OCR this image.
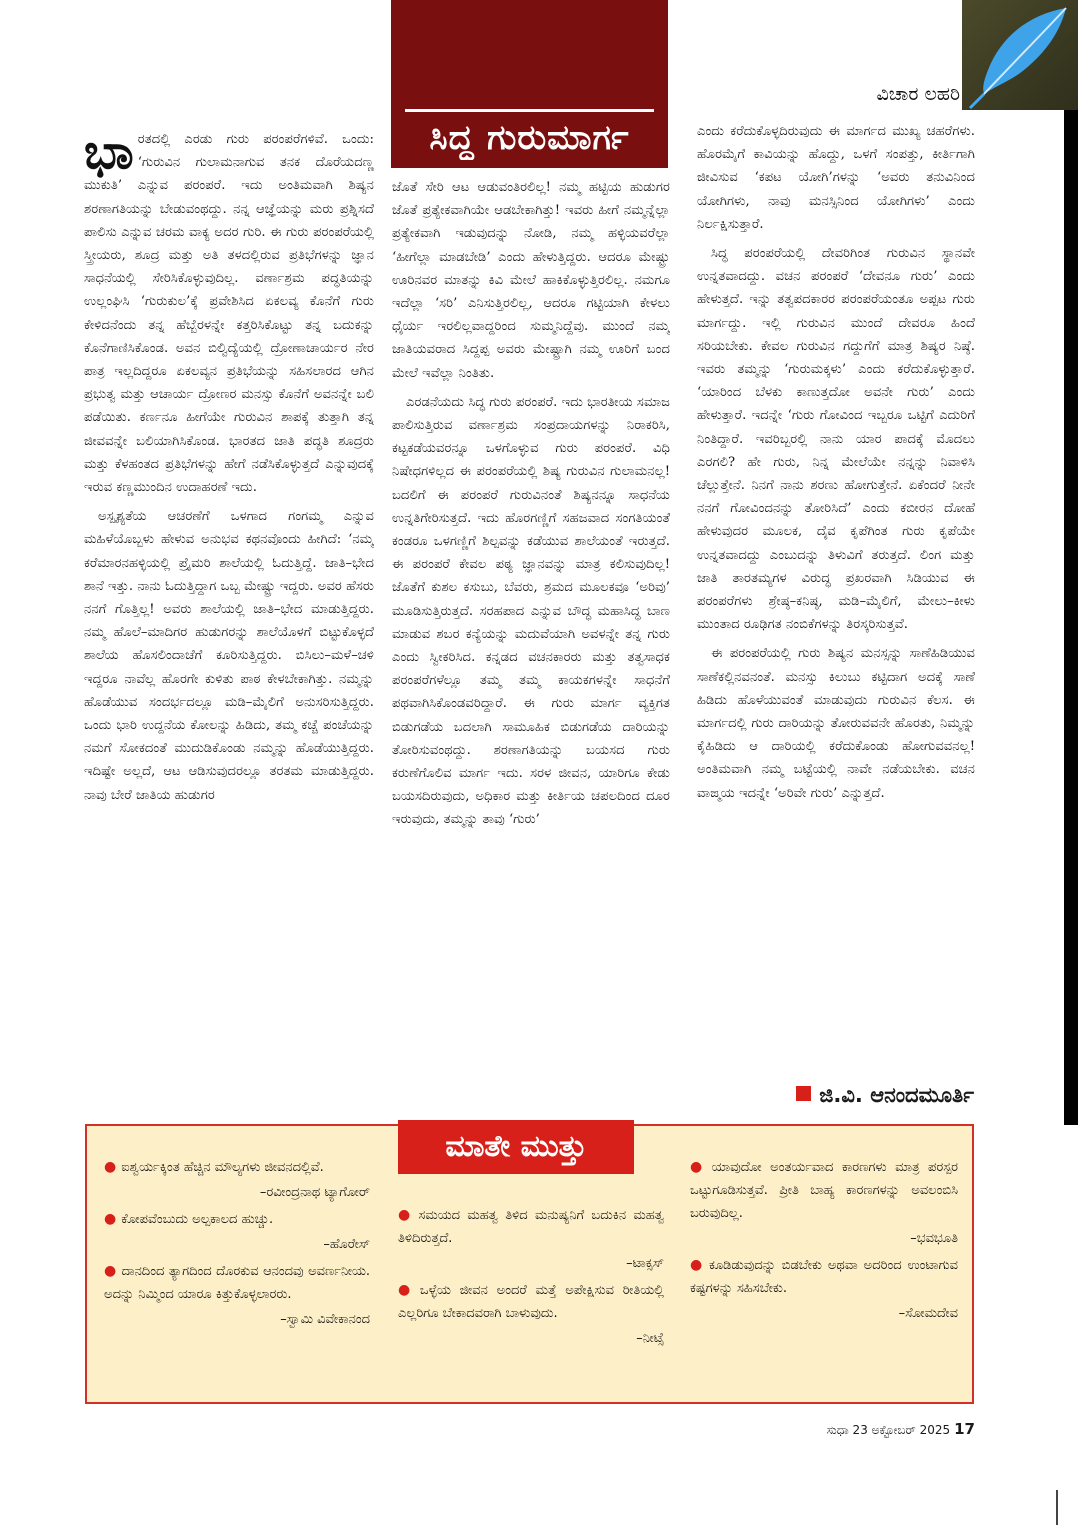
ಸಿದ್ಧ ಗುರುಮಾರ್ಗ
ವಿಚಾರ ಲಹರಿ

ಭಾರತದಲ್ಲಿ ಎರಡು ಗುರು ಪರಂಪರೆಗಳಿವೆ. ಒಂದು: ‘ಗುರುವಿನ ಗುಲಾಮನಾಗುವ ತನಕ ದೊರೆಯದಣ್ಣ ಮುಕುತಿ’ ಎನ್ನುವ ಪರಂಪರೆ. ಇದು ಅಂತಿಮವಾಗಿ ಶಿಷ್ಯನ ಶರಣಾಗತಿಯನ್ನು ಬೇಡುವಂಥದ್ದು. ನನ್ನ ಆಜ್ಞೆಯನ್ನು ಮರು ಪ್ರಶ್ನಿಸದೆ ಪಾಲಿಸು ಎನ್ನುವ ಚರಮ ವಾಕ್ಯ ಅದರ ಗುರಿ. ಈ ಗುರು ಪರಂಪರೆಯಲ್ಲಿ ಸ್ತ್ರೀಯರು, ಶೂದ್ರ ಮತ್ತು ಅತಿ ತಳದಲ್ಲಿರುವ ಪ್ರತಿಭೆಗಳನ್ನು ಜ್ಞಾನ ಸಾಧನೆಯಲ್ಲಿ ಸೇರಿಸಿಕೊಳ್ಳುವುದಿಲ್ಲ. ವರ್ಣಾಶ್ರಮ ಪದ್ಧತಿಯನ್ನು ಉಲ್ಲಂಘಿಸಿ ‘ಗುರುಕುಲ’ಕ್ಕೆ ಪ್ರವೇಶಿಸಿದ ಏಕಲವ್ಯ ಕೊನೆಗೆ ಗುರು ಕೇಳಿದನೆಂದು ತನ್ನ ಹೆಬ್ಬೆರಳನ್ನೇ ಕತ್ತರಿಸಿಕೊಟ್ಟು ತನ್ನ ಬದುಕನ್ನು ಕೊನೆಗಾಣಿಸಿಕೊಂಡ. ಅವನ ಬಿಲ್ವಿದ್ಯೆಯಲ್ಲಿ ದ್ರೋಣಾಚಾರ್ಯರ ನೇರ ಪಾತ್ರ ಇಲ್ಲದಿದ್ದರೂ ಏಕಲವ್ಯನ ಪ್ರತಿಭೆಯನ್ನು ಸಹಿಸಲಾರದ ಆಗಿನ ಪ್ರಭುತ್ವ ಮತ್ತು ಆಚಾರ್ಯ ದ್ರೋಣರ ಮನಸ್ಸು ಕೊನೆಗೆ ಅವನನ್ನೇ ಬಲಿ ಪಡೆಯಿತು. ಕರ್ಣನೂ ಹೀಗೆಯೇ ಗುರುವಿನ ಶಾಪಕ್ಕೆ ತುತ್ತಾಗಿ ತನ್ನ ಜೀವವನ್ನೇ ಬಲಿಯಾಗಿಸಿಕೊಂಡ. ಭಾರತದ ಜಾತಿ ಪದ್ಧತಿ ಶೂದ್ರರು ಮತ್ತು ಕೆಳಹಂತದ ಪ್ರತಿಭೆಗಳನ್ನು ಹೇಗೆ ನಡೆಸಿಕೊಳ್ಳುತ್ತದೆ ಎನ್ನುವುದಕ್ಕೆ ಇರುವ ಕಣ್ಣಮುಂದಿನ ಉದಾಹರಣೆ ಇದು.

ಅಸ್ಪೃಶ್ಯತೆಯ ಆಚರಣೆಗೆ ಒಳಗಾದ ಗಂಗಮ್ಮ ಎನ್ನುವ ಮಹಿಳೆಯೊಬ್ಬಳು ಹೇಳುವ ಅನುಭವ ಕಥನವೊಂದು ಹೀಗಿದೆ: ‘ನಮ್ಮ ಕರೆಮಾರನಹಳ್ಳಿಯಲ್ಲಿ ಪ್ರೈಮರಿ ಶಾಲೆಯಲ್ಲಿ ಓದುತ್ತಿದ್ದೆ. ಜಾತಿ–ಭೇದ ಶಾನೆ ಇತ್ತು. ನಾನು ಓದುತ್ತಿದ್ದಾಗ ಒಬ್ಬ ಮೇಷ್ಟ್ರು ಇದ್ದರು. ಅವರ ಹೆಸರು ನನಗೆ ಗೊತ್ತಿಲ್ಲ! ಅವರು ಶಾಲೆಯಲ್ಲಿ ಜಾತಿ–ಭೇದ ಮಾಡುತ್ತಿದ್ದರು. ನಮ್ಮ ಹೊಲೆ–ಮಾದಿಗರ ಹುಡುಗರನ್ನು ಶಾಲೆಯೊಳಗೆ ಬಿಟ್ಟುಕೊಳ್ಳದೆ ಶಾಲೆಯ ಹೊಸಲಿಂದಾಚೆಗೆ ಕೂರಿಸುತ್ತಿದ್ದರು. ಬಿಸಿಲು–ಮಳೆ–ಚಳಿ ಇದ್ದರೂ ನಾವೆಲ್ಲ ಹೊರಗೇ ಕುಳಿತು ಪಾಠ ಕೇಳಬೇಕಾಗಿತ್ತು. ನಮ್ಮನ್ನು ಹೊಡೆಯುವ ಸಂದರ್ಭದಲ್ಲೂ ಮಡಿ–ಮೈಲಿಗೆ ಅನುಸರಿಸುತ್ತಿದ್ದರು. ಒಂದು ಭಾರಿ ಉದ್ದನೆಯ ಕೋಲನ್ನು ಹಿಡಿದು, ತಮ್ಮ ಕಚ್ಚೆ ಪಂಚೆಯನ್ನು ನಮಗೆ ಸೋಕದಂತೆ ಮುದುಡಿಕೊಂಡು ನಮ್ಮನ್ನು ಹೊಡೆಯುತ್ತಿದ್ದರು. ಇದಿಷ್ಟೇ ಅಲ್ಲದೆ, ಆಟ ಆಡಿಸುವುದರಲ್ಲೂ ತರತಮ ಮಾಡುತ್ತಿದ್ದರು. ನಾವು ಬೇರೆ ಜಾತಿಯ ಹುಡುಗರ

ಜೊತೆ ಸೇರಿ ಆಟ ಆಡುವಂತಿರಲಿಲ್ಲ! ನಮ್ಮ ಹಟ್ಟಿಯ ಹುಡುಗರ ಜೊತೆ ಪ್ರತ್ಯೇಕವಾಗಿಯೇ ಆಡಬೇಕಾಗಿತ್ತು! ಇವರು ಹೀಗೆ ನಮ್ಮನ್ನೆಲ್ಲಾ ಪ್ರತ್ಯೇಕವಾಗಿ ಇಡುವುದನ್ನು ನೋಡಿ, ನಮ್ಮ ಹಳ್ಳಿಯವರೆಲ್ಲಾ ‘ಹೀಗೆಲ್ಲಾ ಮಾಡಬೇಡಿ’ ಎಂದು ಹೇಳುತ್ತಿದ್ದರು. ಆದರೂ ಮೇಷ್ಟ್ರು ಊರಿನವರ ಮಾತನ್ನು ಕಿವಿ ಮೇಲೆ ಹಾಕಿಕೊಳ್ಳುತ್ತಿರಲಿಲ್ಲ. ನಮಗೂ ಇದೆಲ್ಲಾ ‘ಸರಿ’ ಎನಿಸುತ್ತಿರಲಿಲ್ಲ, ಆದರೂ ಗಟ್ಟಿಯಾಗಿ ಕೇಳಲು ಧೈರ್ಯ ಇರಲಿಲ್ಲವಾದ್ದರಿಂದ ಸುಮ್ಮನಿದ್ದೆವು. ಮುಂದೆ ನಮ್ಮ ಜಾತಿಯವರಾದ ಸಿದ್ದಪ್ಪ ಅವರು ಮೇಷ್ಟ್ರಾಗಿ ನಮ್ಮ ಊರಿಗೆ ಬಂದ ಮೇಲೆ ಇವೆಲ್ಲಾ ನಿಂತಿತು.

ಎರಡನೆಯದು ಸಿದ್ಧ ಗುರು ಪರಂಪರೆ. ಇದು ಭಾರತೀಯ ಸಮಾಜ ಪಾಲಿಸುತ್ತಿರುವ ವರ್ಣಾಶ್ರಮ ಸಂಪ್ರದಾಯಗಳನ್ನು ನಿರಾಕರಿಸಿ, ಕಟ್ಟಕಡೆಯವರನ್ನೂ ಒಳಗೊಳ್ಳುವ ಗುರು ಪರಂಪರೆ. ವಿಧಿ ನಿಷೇಧಗಳಿಲ್ಲದ ಈ ಪರಂಪರೆಯಲ್ಲಿ ಶಿಷ್ಯ ಗುರುವಿನ ಗುಲಾಮನಲ್ಲ! ಬದಲಿಗೆ ಈ ಪರಂಪರೆ ಗುರುವಿನಂತೆ ಶಿಷ್ಯನನ್ನೂ ಸಾಧನೆಯ ಉನ್ನತಿಗೇರಿಸುತ್ತದೆ. ಇದು ಹೊರಗಣ್ಣಿಗೆ ಸಹಜವಾದ ಸಂಗತಿಯಂತೆ ಕಂಡರೂ ಒಳಗಣ್ಣಿಗೆ ಶಿಲ್ಪವನ್ನು ಕಡೆಯುವ ಶಾಲೆಯಂತೆ ಇರುತ್ತದೆ. ಈ ಪರಂಪರೆ ಕೇವಲ ಪಠ್ಯ ಜ್ಞಾನವನ್ನು ಮಾತ್ರ ಕಲಿಸುವುದಿಲ್ಲ! ಜೊತೆಗೆ ಕುಶಲ ಕಸುಬು, ಬೆವರು, ಶ್ರಮದ ಮೂಲಕವೂ ‘ಅರಿವು’ ಮೂಡಿಸುತ್ತಿರುತ್ತದೆ. ಸರಹಪಾದ ಎನ್ನುವ ಬೌದ್ಧ ಮಹಾಸಿದ್ಧ ಬಾಣ ಮಾಡುವ ಶಬರ ಕನ್ಯೆಯನ್ನು ಮದುವೆಯಾಗಿ ಅವಳನ್ನೇ ತನ್ನ ಗುರು ಎಂದು ಸ್ವೀಕರಿಸಿದ. ಕನ್ನಡದ ವಚನಕಾರರು ಮತ್ತು ತತ್ವಸಾಧಕ ಪರಂಪರೆಗಳೆಲ್ಲೂ ತಮ್ಮ ತಮ್ಮ ಕಾಯಕಗಳನ್ನೇ ಸಾಧನೆಗೆ ಪಥವಾಗಿಸಿಕೊಂಡವರಿದ್ದಾರೆ. ಈ ಗುರು ಮಾರ್ಗ ವ್ಯಕ್ತಿಗತ ಬಿಡುಗಡೆಯ ಬದಲಾಗಿ ಸಾಮೂಹಿಕ ಬಿಡುಗಡೆಯ ದಾರಿಯನ್ನು ತೋರಿಸುವಂಥದ್ದು. ಶರಣಾಗತಿಯನ್ನು ಬಯಸದ ಗುರು ಕರುಣೆಗೊಲಿವ ಮಾರ್ಗ ಇದು. ಸರಳ ಜೀವನ, ಯಾರಿಗೂ ಕೇಡು ಬಯಸದಿರುವುದು, ಅಧಿಕಾರ ಮತ್ತು ಕೀರ್ತಿಯ ಚಪಲದಿಂದ ದೂರ ಇರುವುದು, ತಮ್ಮನ್ನು ತಾವು ‘ಗುರು’

ಎಂದು ಕರೆದುಕೊಳ್ಳದಿರುವುದು ಈ ಮಾರ್ಗದ ಮುಖ್ಯ ಚಹರೆಗಳು. ಹೊರಮೈಗೆ ಕಾವಿಯನ್ನು ಹೊದ್ದು, ಒಳಗೆ ಸಂಪತ್ತು, ಕೀರ್ತಿಗಾಗಿ ಜೀವಿಸುವ ‘ಕಪಟ ಯೋಗಿ’ಗಳನ್ನು ‘ಅವರು ತನುವಿನಿಂದ ಯೋಗಿಗಳು, ನಾವು ಮನಸ್ಸಿನಿಂದ ಯೋಗಿಗಳು’ ಎಂದು ನಿರ್ಲಕ್ಷಿಸುತ್ತಾರೆ.

ಸಿದ್ಧ ಪರಂಪರೆಯಲ್ಲಿ ದೇವರಿಗಿಂತ ಗುರುವಿನ ಸ್ಥಾನವೇ ಉನ್ನತವಾದದ್ದು. ವಚನ ಪರಂಪರೆ ‘ದೇವನೂ ಗುರು’ ಎಂದು ಹೇಳುತ್ತದೆ. ಇನ್ನು ತತ್ವಪದಕಾರರ ಪರಂಪರೆಯಂತೂ ಅಪ್ಪಟ ಗುರು ಮಾರ್ಗದ್ದು. ಇಲ್ಲಿ ಗುರುವಿನ ಮುಂದೆ ದೇವರೂ ಹಿಂದೆ ಸರಿಯಬೇಕು. ಕೇವಲ ಗುರುವಿನ ಗದ್ದುಗೆಗೆ ಮಾತ್ರ ಶಿಷ್ಯರ ನಿಷ್ಠೆ. ಇವರು ತಮ್ಮನ್ನು ‘ಗುರುಮಕ್ಕಳು’ ಎಂದು ಕರೆದುಕೊಳ್ಳುತ್ತಾರೆ. ‘ಯಾರಿಂದ ಬೆಳಕು ಕಾಣುತ್ತದೋ ಅವನೇ ಗುರು’ ಎಂದು ಹೇಳುತ್ತಾರೆ. ಇದನ್ನೇ ‘ಗುರು ಗೋವಿಂದ ಇಬ್ಬರೂ ಒಟ್ಟಿಗೆ ಎದುರಿಗೆ ನಿಂತಿದ್ದಾರೆ. ಇವರಿಬ್ಬರಲ್ಲಿ ನಾನು ಯಾರ ಪಾದಕ್ಕೆ ಮೊದಲು ಎರಗಲಿ? ಹೇ ಗುರು, ನಿನ್ನ ಮೇಲೆಯೇ ನನ್ನನ್ನು ನಿವಾಳಿಸಿ ಚೆಲ್ಲುತ್ತೇನೆ. ನಿನಗೆ ನಾನು ಶರಣು ಹೋಗುತ್ತೇನೆ. ಏಕೆಂದರೆ ನೀನೇ ನನಗೆ ಗೋವಿಂದನನ್ನು ತೋರಿಸಿದೆ’ ಎಂದು ಕಬೀರನ ದೋಹೆ ಹೇಳುವುದರ ಮೂಲಕ, ದೈವ ಕೃಪೆಗಿಂತ ಗುರು ಕೃಪೆಯೇ ಉನ್ನತವಾದದ್ದು ಎಂಬುದನ್ನು ತಿಳುವಿಗೆ ತರುತ್ತದೆ. ಲಿಂಗ ಮತ್ತು ಜಾತಿ ತಾರತಮ್ಯಗಳ ವಿರುದ್ಧ ಪ್ರಖರವಾಗಿ ಸಿಡಿಯುವ ಈ ಪರಂಪರೆಗಳು ಶ್ರೇಷ್ಠ–ಕನಿಷ್ಠ, ಮಡಿ–ಮೈಲಿಗೆ, ಮೇಲು–ಕೀಳು ಮುಂತಾದ ರೂಢಿಗತ ನಂಬಿಕೆಗಳನ್ನು ತಿರಸ್ಕರಿಸುತ್ತವೆ.

ಈ ಪರಂಪರೆಯಲ್ಲಿ ಗುರು ಶಿಷ್ಯನ ಮನಸ್ಸನ್ನು ಸಾಣೆಹಿಡಿಯುವ ಸಾಣೆಕಲ್ಲಿನವನಂತೆ. ಮನಸ್ಸು ಕಿಲುಬು ಕಟ್ಟಿದಾಗ ಅದಕ್ಕೆ ಸಾಣೆ ಹಿಡಿದು ಹೊಳೆಯುವಂತೆ ಮಾಡುವುದು ಗುರುವಿನ ಕೆಲಸ. ಈ ಮಾರ್ಗದಲ್ಲಿ ಗುರು ದಾರಿಯನ್ನು ತೋರುವವನೇ ಹೊರತು, ನಿಮ್ಮನ್ನು ಕೈಹಿಡಿದು ಆ ದಾರಿಯಲ್ಲಿ ಕರೆದುಕೊಂಡು ಹೋಗುವವನಲ್ಲ! ಅಂತಿಮವಾಗಿ ನಮ್ಮ ಬಟ್ಟೆಯಲ್ಲಿ ನಾವೇ ನಡೆಯಬೇಕು. ವಚನ ವಾಙ್ಮಯ ಇದನ್ನೇ ‘ಅರಿವೇ ಗುರು’ ಎನ್ನುತ್ತದೆ.

ಜಿ.ವಿ. ಆನಂದಮೂರ್ತಿ
ಮಾತೇ ಮುತ್ತು
● ಐಶ್ವರ್ಯಕ್ಕಿಂತ ಹೆಚ್ಚಿನ ಮೌಲ್ಯಗಳು ಜೀವನದಲ್ಲಿವೆ.
–ರವೀಂದ್ರನಾಥ ಟ್ಯಾಗೋರ್
● ಕೋಪವೆಂಬುದು ಅಲ್ಪಕಾಲದ ಹುಚ್ಚು.
–ಹೊರೇಸ್
● ದಾನದಿಂದ ತ್ಯಾಗದಿಂದ ದೊರಕುವ ಆನಂದವು ಅವರ್ಣನೀಯ. ಅದನ್ನು ನಿಮ್ಮಿಂದ ಯಾರೂ ಕಿತ್ತುಕೊಳ್ಳಲಾರರು.
–ಸ್ವಾಮಿ ವಿವೇಕಾನಂದ
● ಸಮಯದ ಮಹತ್ವ ತಿಳಿದ ಮನುಷ್ಯನಿಗೆ ಬದುಕಿನ ಮಹತ್ವ ತಿಳಿದಿರುತ್ತದೆ.
–ಟಾಕ್ಸಸ್
● ಒಳ್ಳೆಯ ಜೀವನ ಅಂದರೆ ಮತ್ತೆ ಅಪೇಕ್ಷಿಸುವ ರೀತಿಯಲ್ಲಿ ಎಲ್ಲರಿಗೂ ಬೇಕಾದವರಾಗಿ ಬಾಳುವುದು.
–ನೀಟ್ಸೆ
● ಯಾವುದೋ ಅಂತರ್ಯವಾದ ಕಾರಣಗಳು ಮಾತ್ರ ಪರಸ್ಪರ ಒಟ್ಟುಗೂಡಿಸುತ್ತವೆ. ಪ್ರೀತಿ ಬಾಹ್ಯ ಕಾರಣಗಳನ್ನು ಅವಲಂಬಿಸಿ ಬರುವುದಿಲ್ಲ.
–ಭವಭೂತಿ
● ಕೂಡಿಡುವುದನ್ನು ಬಿಡಬೇಕು ಅಥವಾ ಅದರಿಂದ ಉಂಟಾಗುವ ಕಷ್ಟಗಳನ್ನು ಸಹಿಸಬೇಕು.
–ಸೋಮದೇವ
ಸುಧಾ 23 ಅಕ್ಟೋಬರ್ 2025 17
